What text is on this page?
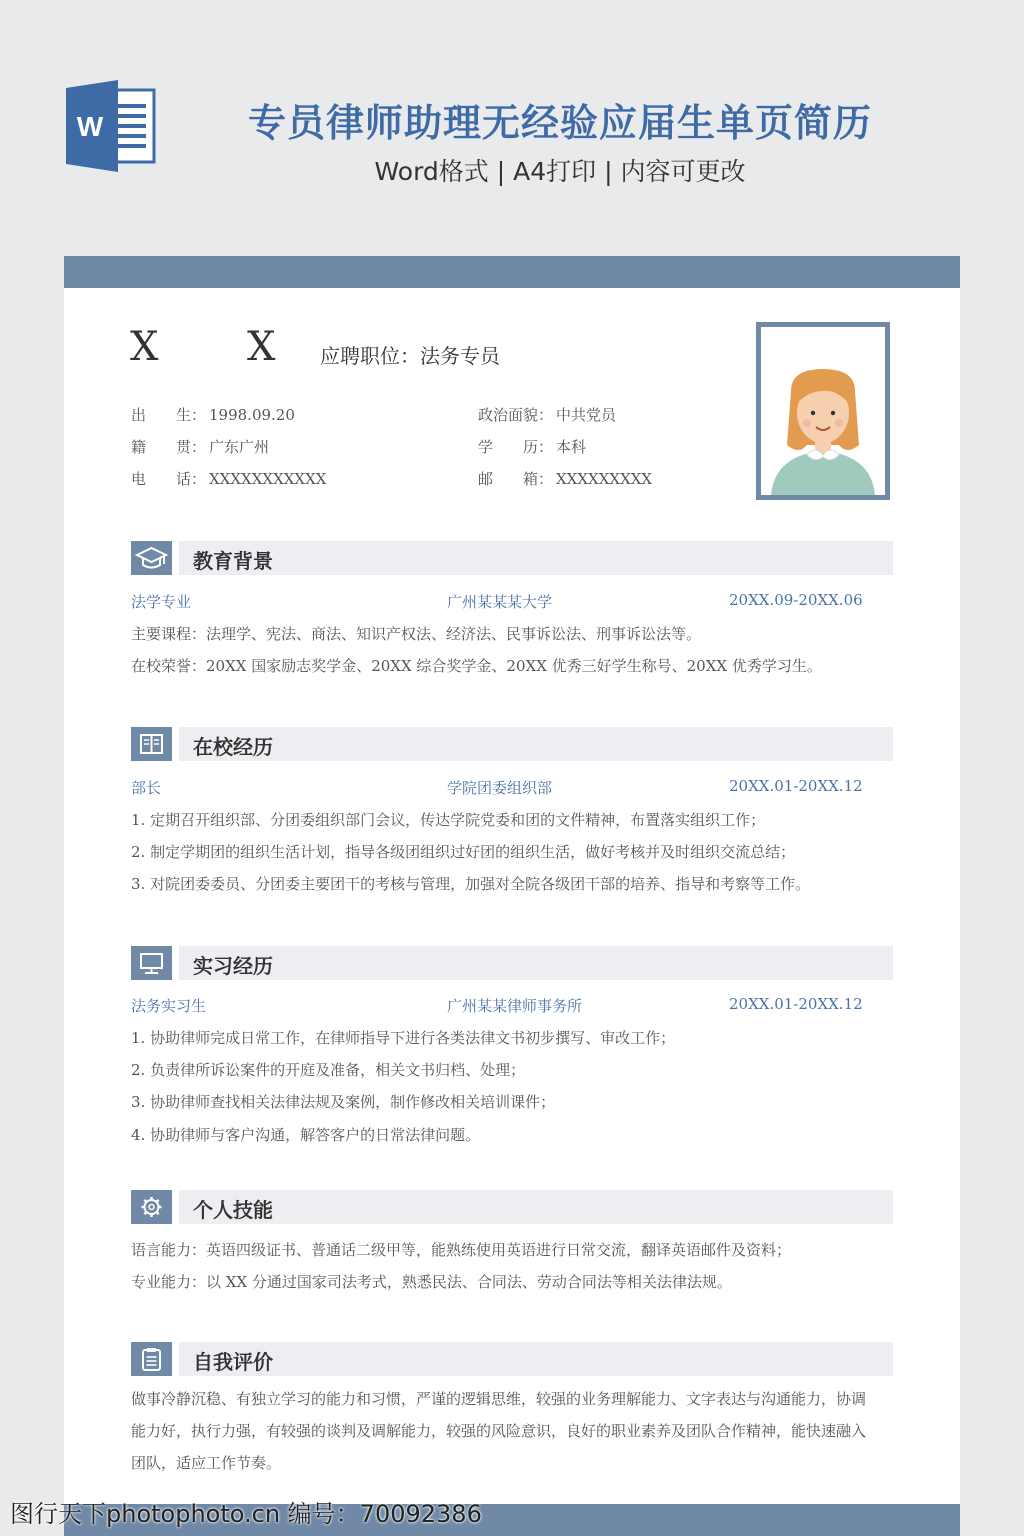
W	专员律师助理无经验应届生单页简历
Word格式 | A4打印 | 内容可更改
X X 应聘职位：法务专员
出　　生： 1998.09.20	政治面貌： 中共党员
籍　　贯： 广东广州	学　　历： 本科
电　　话： XXXXXXXXXXX	邮　　箱： XXXXXXXXX
教育背景
法学专业	广州某某某大学	20XX.09-20XX.06
主要课程：法理学、宪法、商法、知识产权法、经济法、民事诉讼法、刑事诉讼法等。
在校荣誉：20XX 国家励志奖学金、20XX 综合奖学金、20XX 优秀三好学生称号、20XX 优秀学习生。
在校经历
部长	学院团委组织部	20XX.01-20XX.12
1. 定期召开组织部、分团委组织部门会议，传达学院党委和团的文件精神，布置落实组织工作；
2. 制定学期团的组织生活计划，指导各级团组织过好团的组织生活，做好考核并及时组织交流总结；
3. 对院团委委员、分团委主要团干的考核与管理，加强对全院各级团干部的培养、指导和考察等工作。
实习经历
法务实习生	广州某某律师事务所	20XX.01-20XX.12
1. 协助律师完成日常工作，在律师指导下进行各类法律文书初步撰写、审改工作；
2. 负责律所诉讼案件的开庭及准备，相关文书归档、处理；
3. 协助律师查找相关法律法规及案例，制作修改相关培训课件；
4. 协助律师与客户沟通，解答客户的日常法律问题。
个人技能
语言能力：英语四级证书、普通话二级甲等，能熟练使用英语进行日常交流，翻译英语邮件及资料；
专业能力：以 XX 分通过国家司法考式，熟悉民法、合同法、劳动合同法等相关法律法规。
自我评价
做事冷静沉稳、有独立学习的能力和习惯，严谨的逻辑思维，较强的业务理解能力、文字表达与沟通能力，协调能力好，执行力强，有较强的谈判及调解能力，较强的风险意识，良好的职业素养及团队合作精神，能快速融入团队，适应工作节奏。
图行天下photophoto.cn 编号：70092386
